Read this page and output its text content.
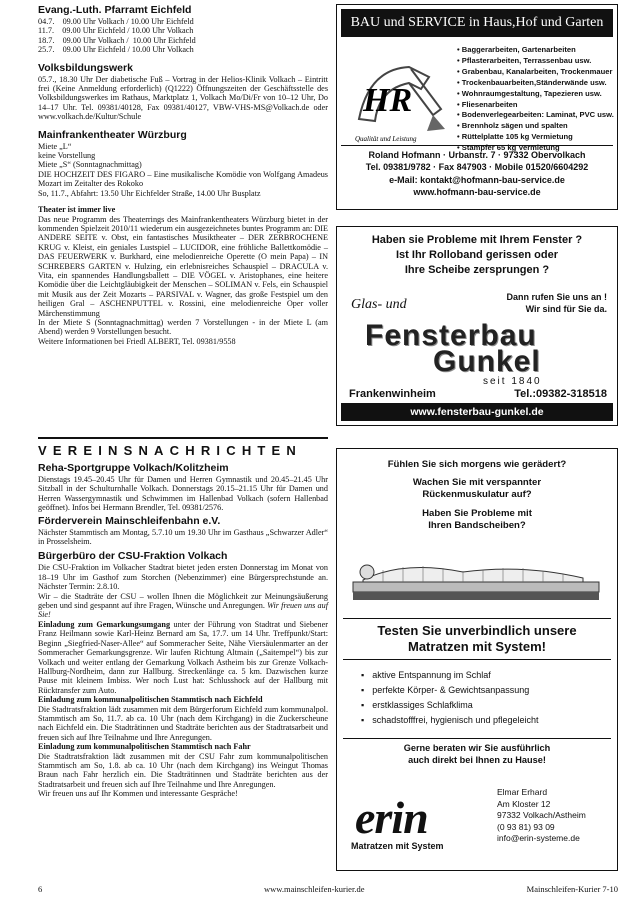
Evang.-Luth. Pfarramt Eichfeld
04.7.    09.00 Uhr Volkach / 10.00 Uhr Eichfeld
11.7.    09.00 Uhr Eichfeld / 10.00 Uhr Volkach
18.7.    09.00 Uhr Volkach /  10.00 Uhr Eichfeld
25.7.    09.00 Uhr Eichfeld / 10.00 Uhr Volkach
Volksbildungswerk

05.7., 18.30 Uhr Der diabetische Fuß – Vortrag in der Helios-Klinik Volkach – Eintritt frei (Keine Anmeldung erforderlich) (Q1222) Öffnungszeiten der Geschäftsstelle des Volksbildungswerkes im Rathaus, Marktplatz 1, Volkach Mo/Di/Fr von 10–12 Uhr, Do 14–17 Uhr. Tel. 09381/40128, Fax 09381/40127, VBW-VHS-MS@Volkach.de oder www.volkach.de/Kultur/Schule

Mainfrankentheater Würzburg
Miete „L“
keine Vorstellung
Miete „S“ (Sonntagnachmittag)
DIE HOCHZEIT DES FIGARO – Eine musikalische Komödie von Wolfgang Amadeus Mozart im Zeitalter des Rokoko
So, 11.7., Abfahrt: 13.50 Uhr Eichfelder Straße, 14.00 Uhr Busplatz
Theater ist immer live

Das neue Programm des Theaterrings des Mainfrankentheaters Würzburg bietet in der kommenden Spielzeit 2010/11 wiederum ein ausgezeichnetes buntes Programm an: DIE ANDERE SEITE v. Obst, ein fantastisches Musiktheater – DER ZERBROCHENE KRUG v. Kleist, ein geniales Lustspiel – LUCIDOR, eine fröhliche Ballettkomödie – DAS FEUERWERK v. Burkhard, eine melodienreiche Operette (O mein Papa) – IN SCHREBERS GARTEN v. Hulzing, ein erlebnisreiches Schauspiel – DRACULA v. Vita, ein spannendes Handlungsballett – DIE VÖGEL v. Aristophanes, eine heitere Komödie über die Leichtgläubigkeit der Menschen – SOLIMAN v. Fels, ein Schauspiel mit Musik aus der Zeit Mozarts – PARSIVAL v. Wagner, das große Festspiel um den heiligen Gral – ASCHENPUTTEL v. Rossini, eine melodienreiche Oper voller Märchenstimmung

In der Miete S (Sonntagnachmittag) werden 7 Vorstellungen - in der Miete L (am Abend) werden 9 Vorstellungen besucht.

Weitere Informationen bei Friedl ALBERT, Tel. 09381/9558

VEREINSNACHRICHTEN
Reha-Sportgruppe Volkach/Kolitzheim

Dienstags 19.45–20.45 Uhr für Damen und Herren Gymnastik und 20.45–21.45 Uhr Sitzball in der Schulturnhalle Volkach. Donnerstags 20.15–21.15 Uhr für Damen und Herren Wassergymnastik und Schwimmen im Hallenbad Volkach (sofern Hallenbad geöffnet). Infos bei Hermann Brendler, Tel. 09381/2576.

Förderverein Mainschleifenbahn e.V.

Nächster Stammtisch am Montag, 5.7.10 um 19.30 Uhr im Gasthaus „Schwarzer Adler“ in Prosselsheim.

Bürgerbüro der CSU-Fraktion Volkach

Die CSU-Fraktion im Volkacher Stadtrat bietet jeden ersten Donnerstag im Monat von 18–19 Uhr im Gasthof zum Storchen (Nebenzimmer) eine Bürgersprechstunde an. Nächster Termin: 2.8.10.

Wir – die Stadträte der CSU – wollen Ihnen die Möglichkeit zur Meinungsäußerung geben und sind gespannt auf ihre Fragen, Wünsche und Anregungen. Wir freuen uns auf Sie!

Einladung zum Gemarkungsumgang unter der Führung von Stadtrat und Siebener Franz Heilmann sowie Karl-Heinz Bernard am Sa, 17.7. um 14 Uhr. Treffpunkt/Start: Beginn „Siegfried-Naser-Allee“ auf Sommeracher Seite, Nähe Viersäulenmarter an der Sommeracher Gemarkungsgrenze. Wir laufen Richtung Altmain („Saitempel“) bis zur Volkach und weiter entlang der Gemarkung Volkach Astheim bis zur Grenze Volkach-Hallburg-Nordheim, dann zur Hallburg. Streckenlänge ca. 5 km. Dazwischen kurze Pause mit kleinem Imbiss. Wer noch Lust hat: Schlusshock auf der Hallburg mit Rücktransfer zum Auto.

Einladung zum kommunalpolitischen Stammtisch nach Eichfeld

Die Stadtratsfraktion lädt zusammen mit dem Bürgerforum Eichfeld zum kommunalpol. Stammtisch am So, 11.7. ab ca. 10 Uhr (nach dem Kirchgang) in die Zuckerscheune nach Eichfeld ein. Die Stadträtinnen und Stadträte berichten aus der Stadtratsarbeit und freuen sich auf Ihre Teilnahme und Ihre Anregungen.

Einladung zum kommunalpolitischen Stammtisch nach Fahr

Die Stadtratsfraktion lädt zusammen mit der CSU Fahr zum kommunalpolitischen Stammtisch am So, 1.8. ab ca. 10 Uhr (nach dem Kirchgang) ins Weingut Thomas Braun nach Fahr herzlich ein. Die Stadträtinnen und Stadträte berichten aus der Stadtratsarbeit und freuen sich auf Ihre Teilnahme und Ihre Anregungen.

Wir freuen uns auf Ihr Kommen und interessante Gespräche!

BAU und SERVICE in Haus,Hof und Garten
HR
Qualität und Leistung
• Baggerarbeiten, Gartenarbeiten
• Pflasterarbeiten, Terrassenbau usw.
• Grabenbau, Kanalarbeiten, Trockenmauer
• Trockenbauarbeiten,Ständerwände usw.
• Wohnraumgestaltung, Tapezieren usw.
• Fliesenarbeiten
• Bodenverlegearbeiten: Laminat, PVC usw.
• Brennholz sägen und spalten
• Rüttelplatte 105 kg Vermietung
• Stampfer 65 kg Vermietung
Roland Hofmann · Urbanstr. 7 · 97332 Obervolkach
Tel. 09381/9782 · Fax 847903 · Mobile 01520/6604292
e-Mail: kontakt@hofmann-bau-service.de
www.hofmann-bau-service.de
Haben sie Probleme mit Ihrem Fenster ?
Ist Ihr Rolloband gerissen oder
Ihre Scheibe zersprungen ?
Dann rufen Sie uns an !
Wir sind für Sie da.
Glas- und
Fensterbau
Gunkel
seit 1840
Frankenwinheim	Tel.:09382-318518
www.fensterbau-gunkel.de
Fühlen Sie sich morgens wie gerädert?
Wachen Sie mit verspannter
Rückenmuskulatur auf?
Haben Sie Probleme mit
Ihren Bandscheiben?
Testen Sie unverbindlich unsere
Matratzen mit System!
▪ aktive Entspannung im Schlaf
▪ perfekte Körper- & Gewichtsanpassung
▪ erstklassiges Schlafklima
▪ schadstofffrei, hygienisch und pflegeleicht
Gerne beraten wir Sie ausführlich
auch direkt bei Ihnen zu Hause!
erin
Matratzen mit System
Elmar Erhard
Am Kloster 12
97332 Volkach/Astheim
(0 93 81) 93 09
info@erin-systeme.de
6	www.mainschleifen-kurier.de	Mainschleifen-Kurier 7-10
